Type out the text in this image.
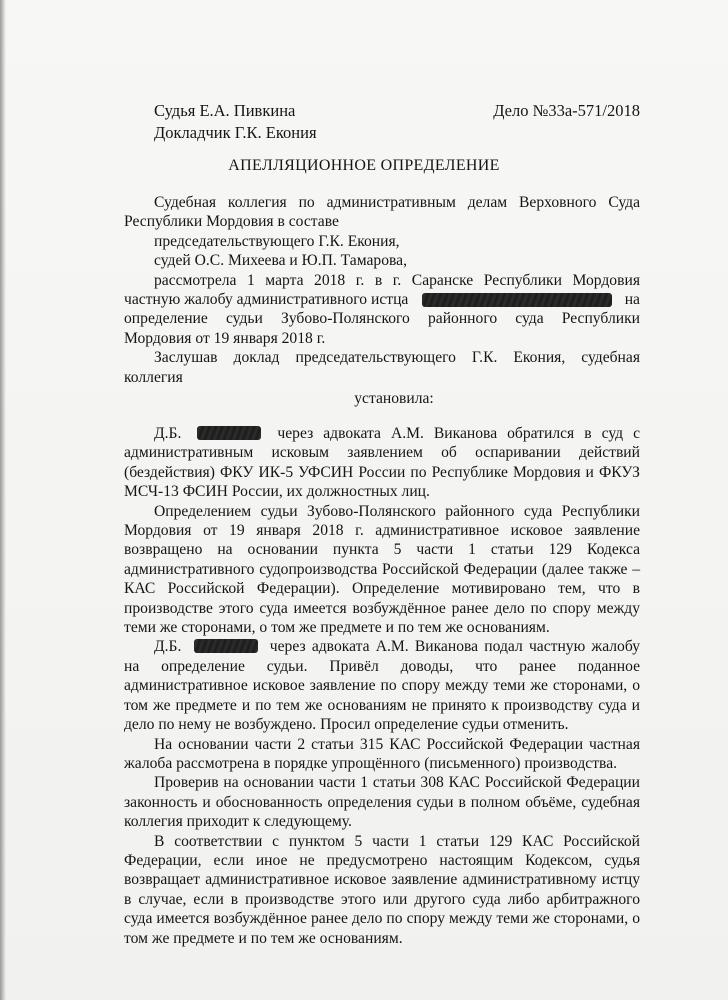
Судья Е.А. Пивкина	Дело №33а-571/2018
Докладчик Г.К. Екония
АПЕЛЛЯЦИОННОЕ ОПРЕДЕЛЕНИЕ

Судебная коллегия по административным делам Верховного Суда Республики Мордовия в составе

председательствующего Г.К. Екония,

судей О.С. Михеева и Ю.П. Тамарова,

рассмотрела 1 марта 2018 г. в г. Саранске Республики Мордовия

частную жалобу административного истца	на

определение судьи Зубово-Полянского районного суда Республики Мордовия от 19 января 2018 г.

Заслушав доклад председательствующего Г.К. Екония, судебная коллегия

установила:

Д.Б.	через адвоката А.М. Виканова обратился в суд с административным исковым заявлением об оспаривании действий (бездействия) ФКУ ИК-5 УФСИН России по Республике Мордовия и ФКУЗ МСЧ-13 ФСИН России, их должностных лиц.

Определением судьи Зубово-Полянского районного суда Республики Мордовия от 19 января 2018 г. административное исковое заявление возвращено на основании пункта 5 части 1 статьи 129 Кодекса административного судопроизводства Российской Федерации (далее также – КАС Российской Федерации). Определение мотивировано тем, что в производстве этого суда имеется возбуждённое ранее дело по спору между теми же сторонами, о том же предмете и по тем же основаниям.

Д.Б.	через адвоката А.М. Виканова подал частную жалобу на определение судьи. Привёл доводы, что ранее поданное административное исковое заявление по спору между теми же сторонами, о том же предмете и по тем же основаниям не принято к производству суда и дело по нему не возбуждено. Просил определение судьи отменить.

На основании части 2 статьи 315 КАС Российской Федерации частная жалоба рассмотрена в порядке упрощённого (письменного) производства.

Проверив на основании части 1 статьи 308 КАС Российской Федерации законность и обоснованность определения судьи в полном объёме, судебная коллегия приходит к следующему.

В соответствии с пунктом 5 части 1 статьи 129 КАС Российской Федерации, если иное не предусмотрено настоящим Кодексом, судья возвращает административное исковое заявление административному истцу в случае, если в производстве этого или другого суда либо арбитражного суда имеется возбуждённое ранее дело по спору между теми же сторонами, о том же предмете и по тем же основаниям.
